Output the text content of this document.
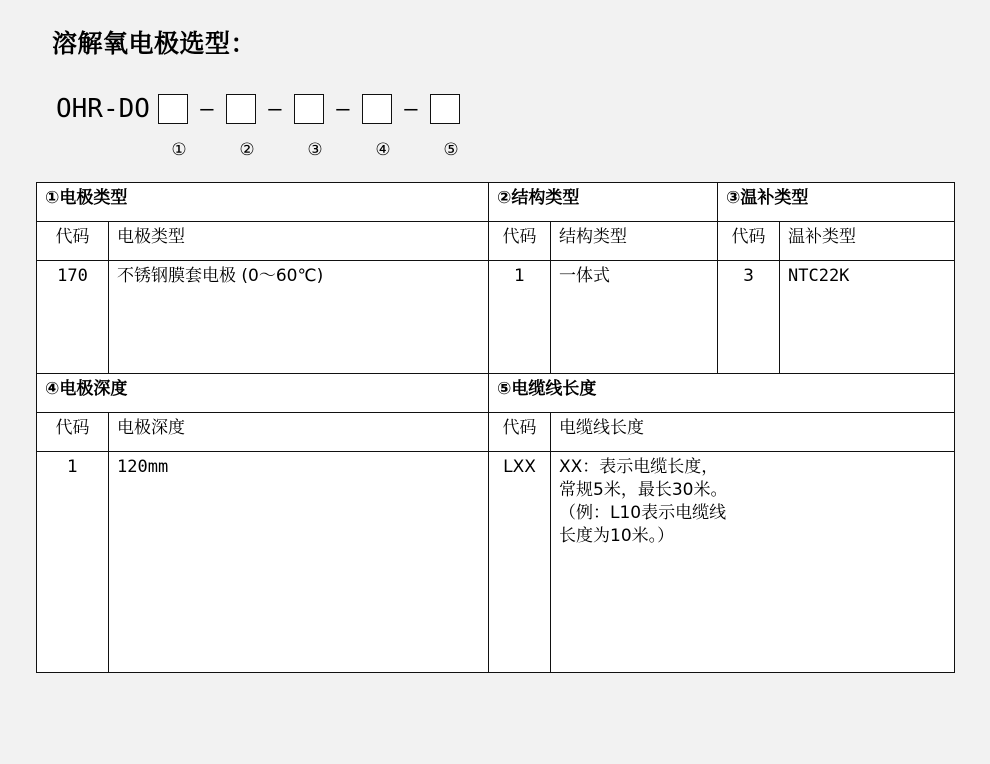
溶解氧电极选型：
OHR-DO	–	–	–	–
①	②	③	④	⑤
①电极类型		②结构类型		③温补类型	
代码	电极类型	代码	结构类型	代码	温补类型
170	不锈钢膜套电极 (0～60℃)	1	一体式	3	NTC22K
④电极深度		⑤电缆线长度			
代码	电极深度	代码	电缆线长度		
1	120mm	LXX	XX：表示电缆长度，
常规5米，最长30米。
（例：L10表示电缆线
长度为10米。）		
